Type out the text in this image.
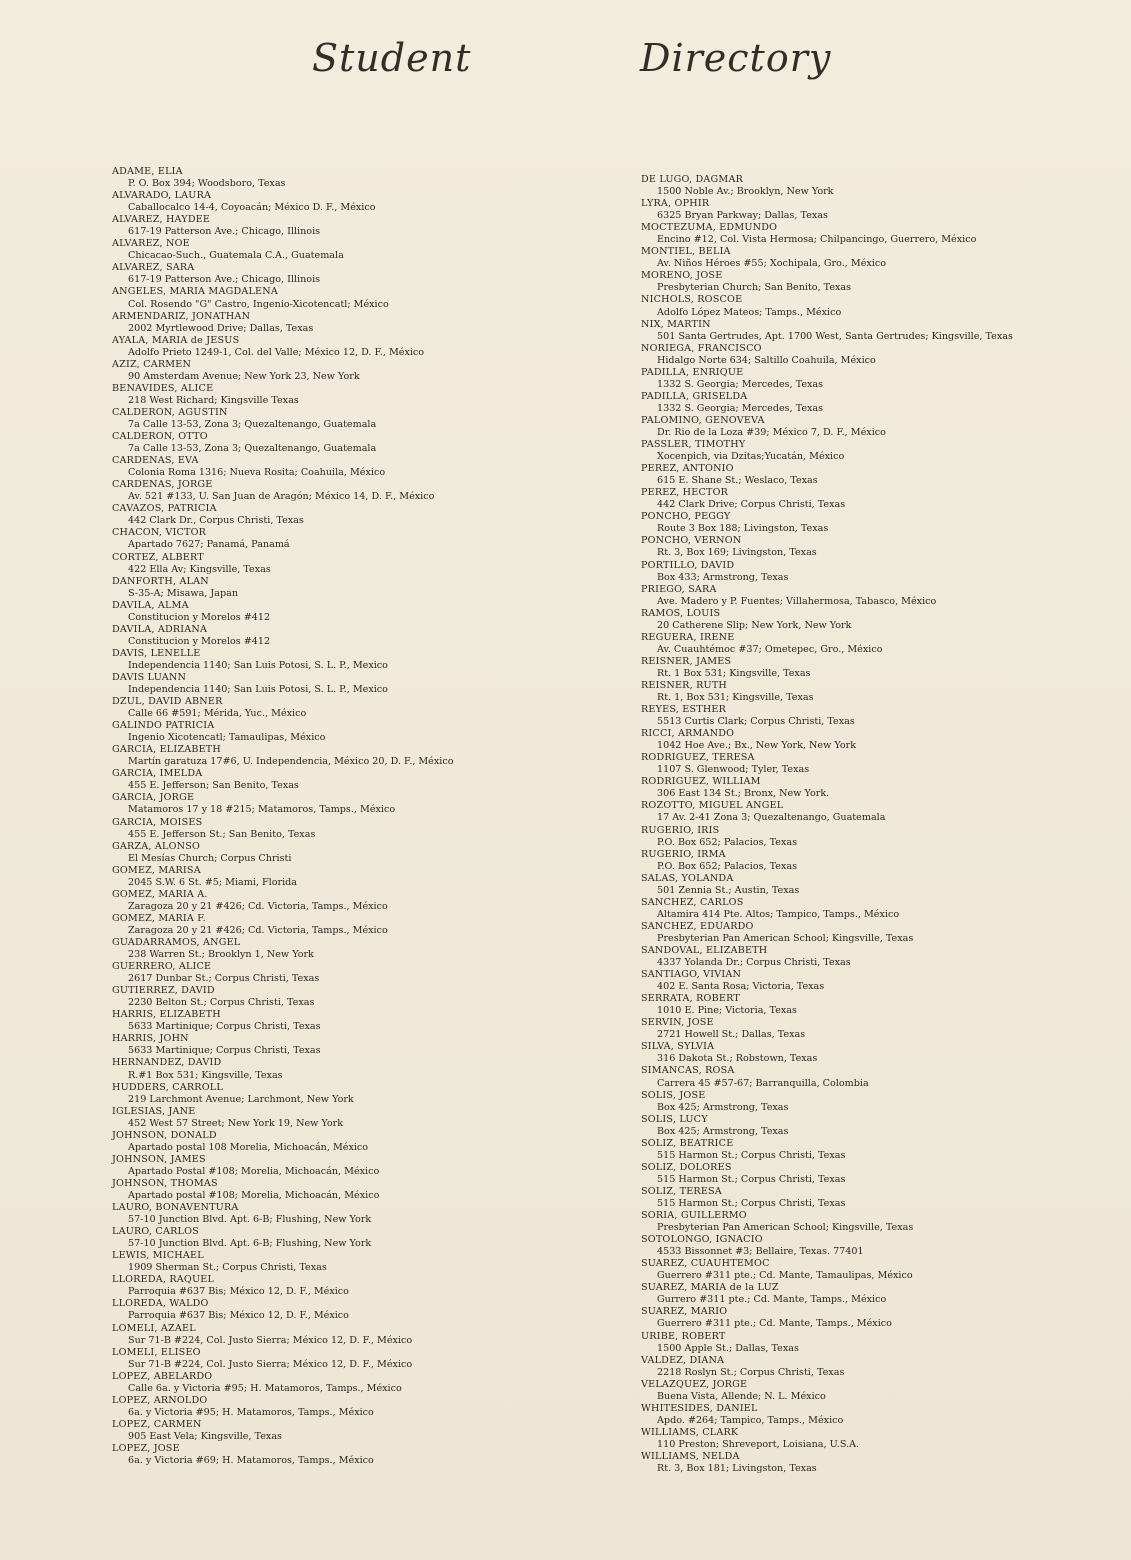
Student	Directory
ADAME, ELIA
P. O. Box 394; Woodsboro, Texas
ALVARADO, LAURA
Caballocalco 14-4, Coyoacán; México D. F., México
ALVAREZ, HAYDEE
617-19 Patterson Ave.; Chicago, Illinois
ALVAREZ, NOE
Chicacao-Such., Guatemala C.A., Guatemala
ALVAREZ, SARA
617-19 Patterson Ave.; Chicago, Illinois
ANGELES, MARIA MAGDALENA
Col. Rosendo "G" Castro, Ingenio-Xicotencatl; México
ARMENDARIZ, JONATHAN
2002 Myrtlewood Drive; Dallas, Texas
AYALA, MARIA de JESUS
Adolfo Prieto 1249-1, Col. del Valle; México 12, D. F., México
AZIZ, CARMEN
90 Amsterdam Avenue; New York 23, New York
BENAVIDES, ALICE
218 West Richard; Kingsville Texas
CALDERON, AGUSTIN
7a Calle 13-53, Zona 3; Quezaltenango, Guatemala
CALDERON, OTTO
7a Calle 13-53, Zona 3; Quezaltenango, Guatemala
CARDENAS, EVA
Colonia Roma 1316; Nueva Rosita; Coahuila, México
CARDENAS, JORGE
Av. 521 #133, U. San Juan de Aragón; México 14, D. F., México
CAVAZOS, PATRICIA
442 Clark Dr., Corpus Christi, Texas
CHACON, VICTOR
Apartado 7627; Panamá, Panamá
CORTEZ, ALBERT
422 Ella Av; Kingsville, Texas
DANFORTH, ALAN
S-35-A; Misawa, Japan
DAVILA, ALMA
Constitucion y Morelos #412
DAVILA, ADRIANA
Constitucion y Morelos #412
DAVIS, LENELLE
Independencia 1140; San Luis Potosi, S. L. P., Mexico
DAVIS LUANN
Independencia 1140; San Luis Potosi, S. L. P., Mexico
DZUL, DAVID ABNER
Calle 66 #591; Mérida, Yuc., México
GALINDO PATRICIA
Ingenio Xicotencatl; Tamaulipas, México
GARCIA, ELIZABETH
Martín garatuza 17#6, U. Independencia, México 20, D. F., México
GARCIA, IMELDA
455 E. Jefferson; San Benito, Texas
GARCIA, JORGE
Matamoros 17 y 18 #215; Matamoros, Tamps., México
GARCIA, MOISES
455 E. Jefferson St.; San Benito, Texas
GARZA, ALONSO
El Mesías Church; Corpus Christi
GOMEZ, MARISA
2045 S.W. 6 St. #5; Miami, Florida
GOMEZ, MARIA A.
Zaragoza 20 y 21 #426; Cd. Victoria, Tamps., México
GOMEZ, MARIA F.
Zaragoza 20 y 21 #426; Cd. Victoria, Tamps., México
GUADARRAMOS, ANGEL
238 Warren St.; Brooklyn 1, New York
GUERRERO, ALICE
2617 Dunbar St.; Corpus Christi, Texas
GUTIERREZ, DAVID
2230 Belton St.; Corpus Christi, Texas
HARRIS, ELIZABETH
5633 Martinique; Corpus Christi, Texas
HARRIS, JOHN
5633 Martinique; Corpus Christi, Texas
HERNANDEZ, DAVID
R.#1 Box 531; Kingsville, Texas
HUDDERS, CARROLL
219 Larchmont Avenue; Larchmont, New York
IGLESIAS, JANE
452 West 57 Street; New York 19, New York
JOHNSON, DONALD
Apartado postal 108 Morelia, Michoacán, México
JOHNSON, JAMES
Apartado Postal #108; Morelia, Michoacán, México
JOHNSON, THOMAS
Apartado postal #108; Morelia, Michoacán, México
LAURO, BONAVENTURA
57-10 Junction Blvd. Apt. 6-B; Flushing, New York
LAURO, CARLOS
57-10 Junction Blvd. Apt. 6-B; Flushing, New York
LEWIS, MICHAEL
1909 Sherman St.; Corpus Christi, Texas
LLOREDA, RAQUEL
Parroquia #637 Bis; México 12, D. F., México
LLOREDA, WALDO
Parroquia #637 Bis; México 12, D. F., México
LOMELI, AZAEL
Sur 71-B #224, Col. Justo Sierra; México 12, D. F., México
LOMELI, ELISEO
Sur 71-B #224, Col. Justo Sierra; México 12, D. F., México
LOPEZ, ABELARDO
Calle 6a. y Victoria #95; H. Matamoros, Tamps., México
LOPEZ, ARNOLDO
6a. y Victoria #95; H. Matamoros, Tamps., México
LOPEZ, CARMEN
905 East Vela; Kingsville, Texas
LOPEZ, JOSE
6a. y Victoria #69; H. Matamoros, Tamps., México
DE LUGO, DAGMAR
1500 Noble Av.; Brooklyn, New York
LYRA, OPHIR
6325 Bryan Parkway; Dallas, Texas
MOCTEZUMA, EDMUNDO
Encino #12, Col. Vista Hermosa; Chilpancingo, Guerrero, México
MONTIEL, BELIA
Av. Niños Héroes #55; Xochipala, Gro., México
MORENO, JOSE
Presbyterian Church; San Benito, Texas
NICHOLS, ROSCOE
Adolfo López Mateos; Tamps., México
NIX, MARTIN
501 Santa Gertrudes, Apt. 1700 West, Santa Gertrudes; Kingsville, Texas
NORIEGA, FRANCISCO
Hidalgo Norte 634; Saltillo Coahuila, México
PADILLA, ENRIQUE
1332 S. Georgia; Mercedes, Texas
PADILLA, GRISELDA
1332 S. Georgia; Mercedes, Texas
PALOMINO, GENOVEVA
Dr. Rio de la Loza #39; México 7, D. F., México
PASSLER, TIMOTHY
Xocenpich, via Dzitas;Yucatán, México
PEREZ, ANTONIO
615 E. Shane St.; Weslaco, Texas
PEREZ, HECTOR
442 Clark Drive; Corpus Christi, Texas
PONCHO, PEGGY
Route 3 Box 188; Livingston, Texas
PONCHO, VERNON
Rt. 3, Box 169; Livingston, Texas
PORTILLO, DAVID
Box 433; Armstrong, Texas
PRIEGO, SARA
Ave. Madero y P. Fuentes; Villahermosa, Tabasco, México
RAMOS, LOUIS
20 Catherene Slip; New York, New York
REGUERA, IRENE
Av. Cuauhtémoc #37; Ometepec, Gro., México
REISNER, JAMES
Rt. 1 Box 531; Kingsville, Texas
REISNER, RUTH
Rt. 1, Box 531; Kingsville, Texas
REYES, ESTHER
5513 Curtis Clark; Corpus Christi, Texas
RICCI, ARMANDO
1042 Hoe Ave.; Bx., New York, New York
RODRIGUEZ, TERESA
1107 S. Glenwood; Tyler, Texas
RODRIGUEZ, WILLIAM
306 East 134 St.; Bronx, New York.
ROZOTTO, MIGUEL ANGEL
17 Av. 2-41 Zona 3; Quezaltenango, Guatemala
RUGERIO, IRIS
P.O. Box 652; Palacios, Texas
RUGERIO, IRMA
P.O. Box 652; Palacios, Texas
SALAS, YOLANDA
501 Zennia St.; Austin, Texas
SANCHEZ, CARLOS
Altamira 414 Pte. Altos; Tampico, Tamps., México
SANCHEZ, EDUARDO
Presbyterian Pan American School; Kingsville, Texas
SANDOVAL, ELIZABETH
4337 Yolanda Dr.; Corpus Christi, Texas
SANTIAGO, VIVIAN
402 E. Santa Rosa; Victoria, Texas
SERRATA, ROBERT
1010 E. Pine; Victoria, Texas
SERVIN, JOSE
2721 Howell St.; Dallas, Texas
SILVA, SYLVIA
316 Dakota St.; Robstown, Texas
SIMANCAS, ROSA
Carrera 45 #57-67; Barranquilla, Colombia
SOLIS, JOSE
Box 425; Armstrong, Texas
SOLIS, LUCY
Box 425; Armstrong, Texas
SOLIZ, BEATRICE
515 Harmon St.; Corpus Christi, Texas
SOLIZ, DOLORES
515 Harmon St.; Corpus Christi, Texas
SOLIZ, TERESA
515 Harmon St.; Corpus Christi, Texas
SORIA, GUILLERMO
Presbyterian Pan American School; Kingsville, Texas
SOTOLONGO, IGNACIO
4533 Bissonnet #3; Bellaire, Texas. 77401
SUAREZ, CUAUHTEMOC
Guerrero #311 pte.; Cd. Mante, Tamaulipas, México
SUAREZ, MARIA de la LUZ
Gurrero #311 pte.; Cd. Mante, Tamps., México
SUAREZ, MARIO
Guerrero #311 pte.; Cd. Mante, Tamps., México
URIBE, ROBERT
1500 Apple St.; Dallas, Texas
VALDEZ, DIANA
2218 Roslyn St.; Corpus Christi, Texas
VELAZQUEZ, JORGE
Buena Vista, Allende; N. L. México
WHITESIDES, DANIEL
Apdo. #264; Tampico, Tamps., México
WILLIAMS, CLARK
110 Preston; Shreveport, Loisiana, U.S.A.
WILLIAMS, NELDA
Rt. 3, Box 181; Livingston, Texas
